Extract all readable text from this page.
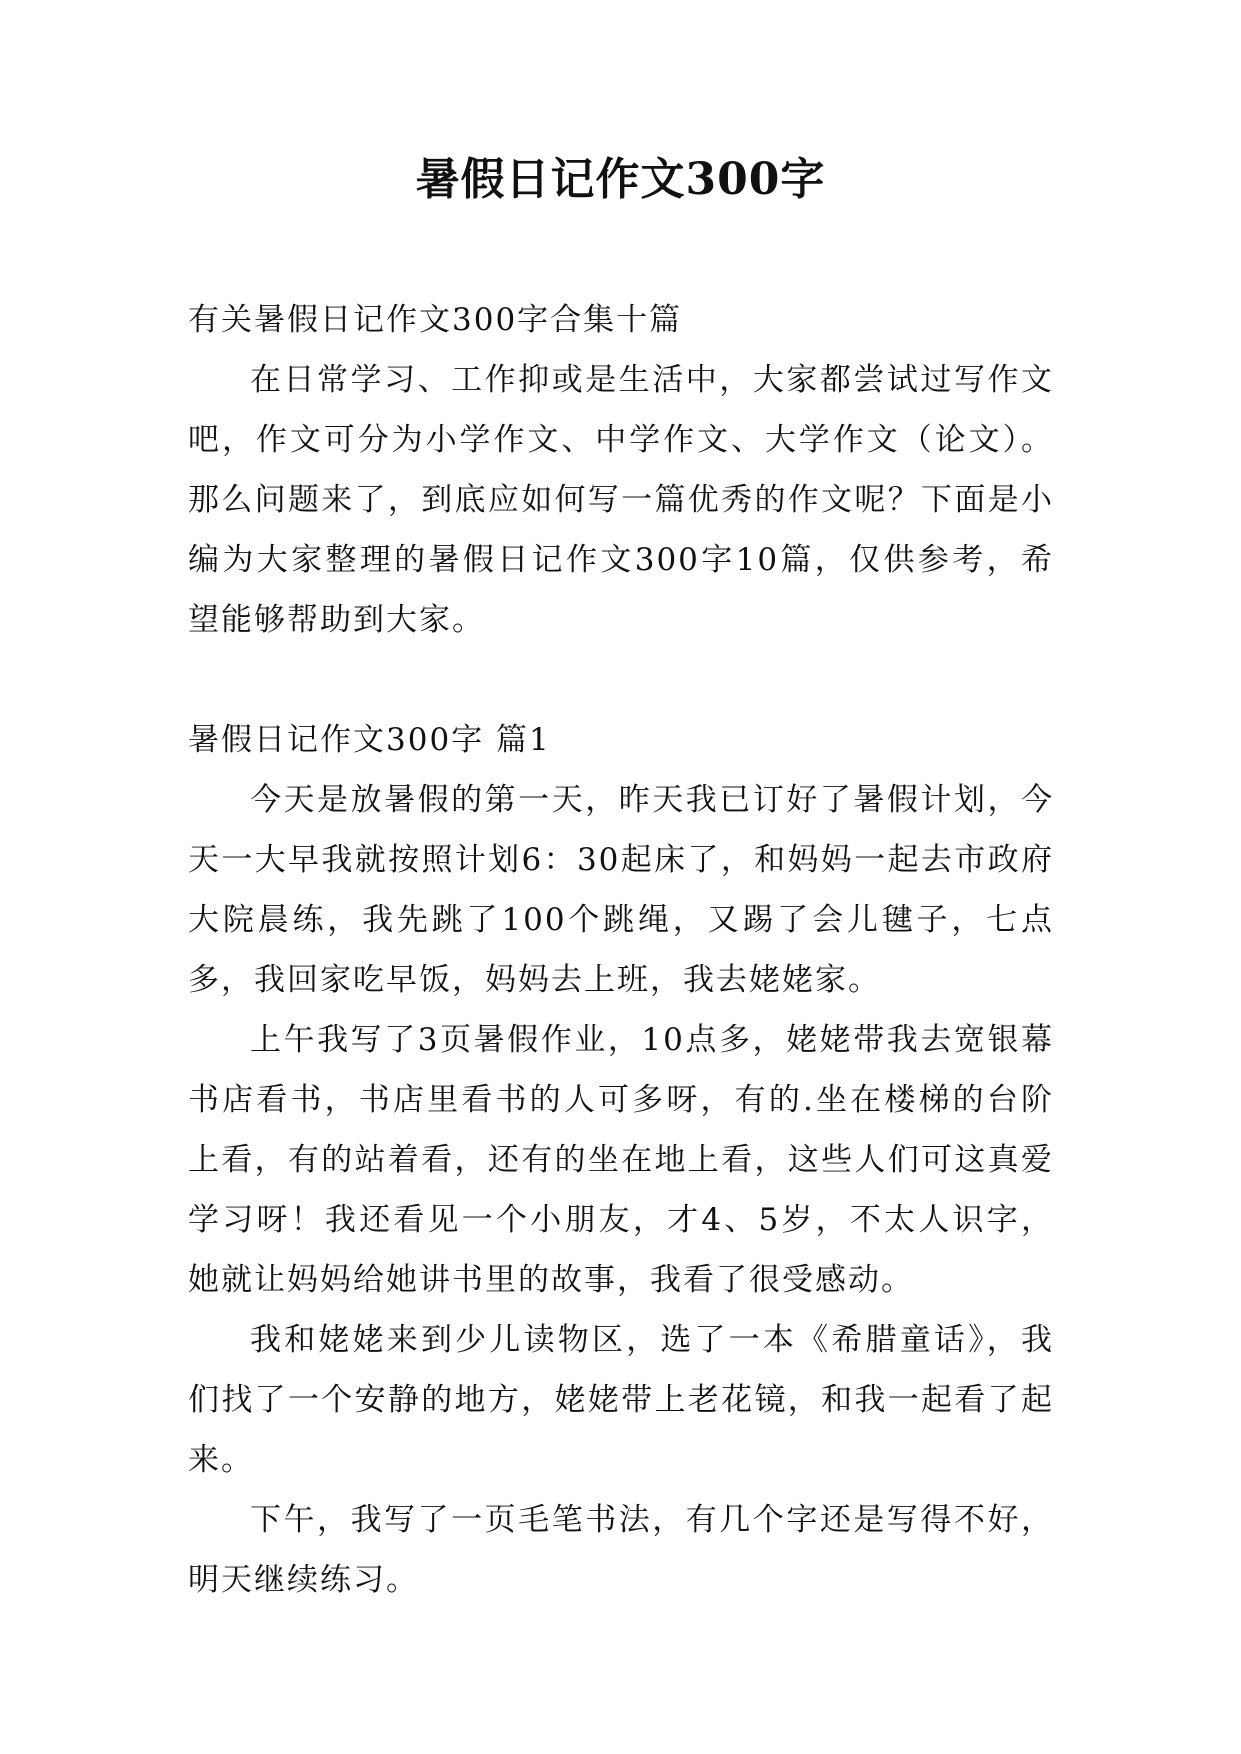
暑假日记作文300字

有关暑假日记作文300字合集十篇

在日常学习、工作抑或是生活中，大家都尝试过写作文吧，作文可分为小学作文、中学作文、大学作文（论文）。那么问题来了，到底应如何写一篇优秀的作文呢？下面是小编为大家整理的暑假日记作文300字10篇，仅供参考，希望能够帮助到大家。

暑假日记作文300字 篇1

今天是放暑假的第一天，昨天我已订好了暑假计划，今天一大早我就按照计划6：30起床了，和妈妈一起去市政府大院晨练，我先跳了100个跳绳，又踢了会儿毽子，七点多，我回家吃早饭，妈妈去上班，我去姥姥家。

上午我写了3页暑假作业，10点多，姥姥带我去宽银幕书店看书，书店里看书的人可多呀，有的.坐在楼梯的台阶上看，有的站着看，还有的坐在地上看，这些人们可这真爱学习呀！我还看见一个小朋友，才4、5岁，不太人识字，她就让妈妈给她讲书里的故事，我看了很受感动。

我和姥姥来到少儿读物区，选了一本《希腊童话》，我们找了一个安静的地方，姥姥带上老花镜，和我一起看了起来。

下午，我写了一页毛笔书法，有几个字还是写得不好，明天继续练习。
